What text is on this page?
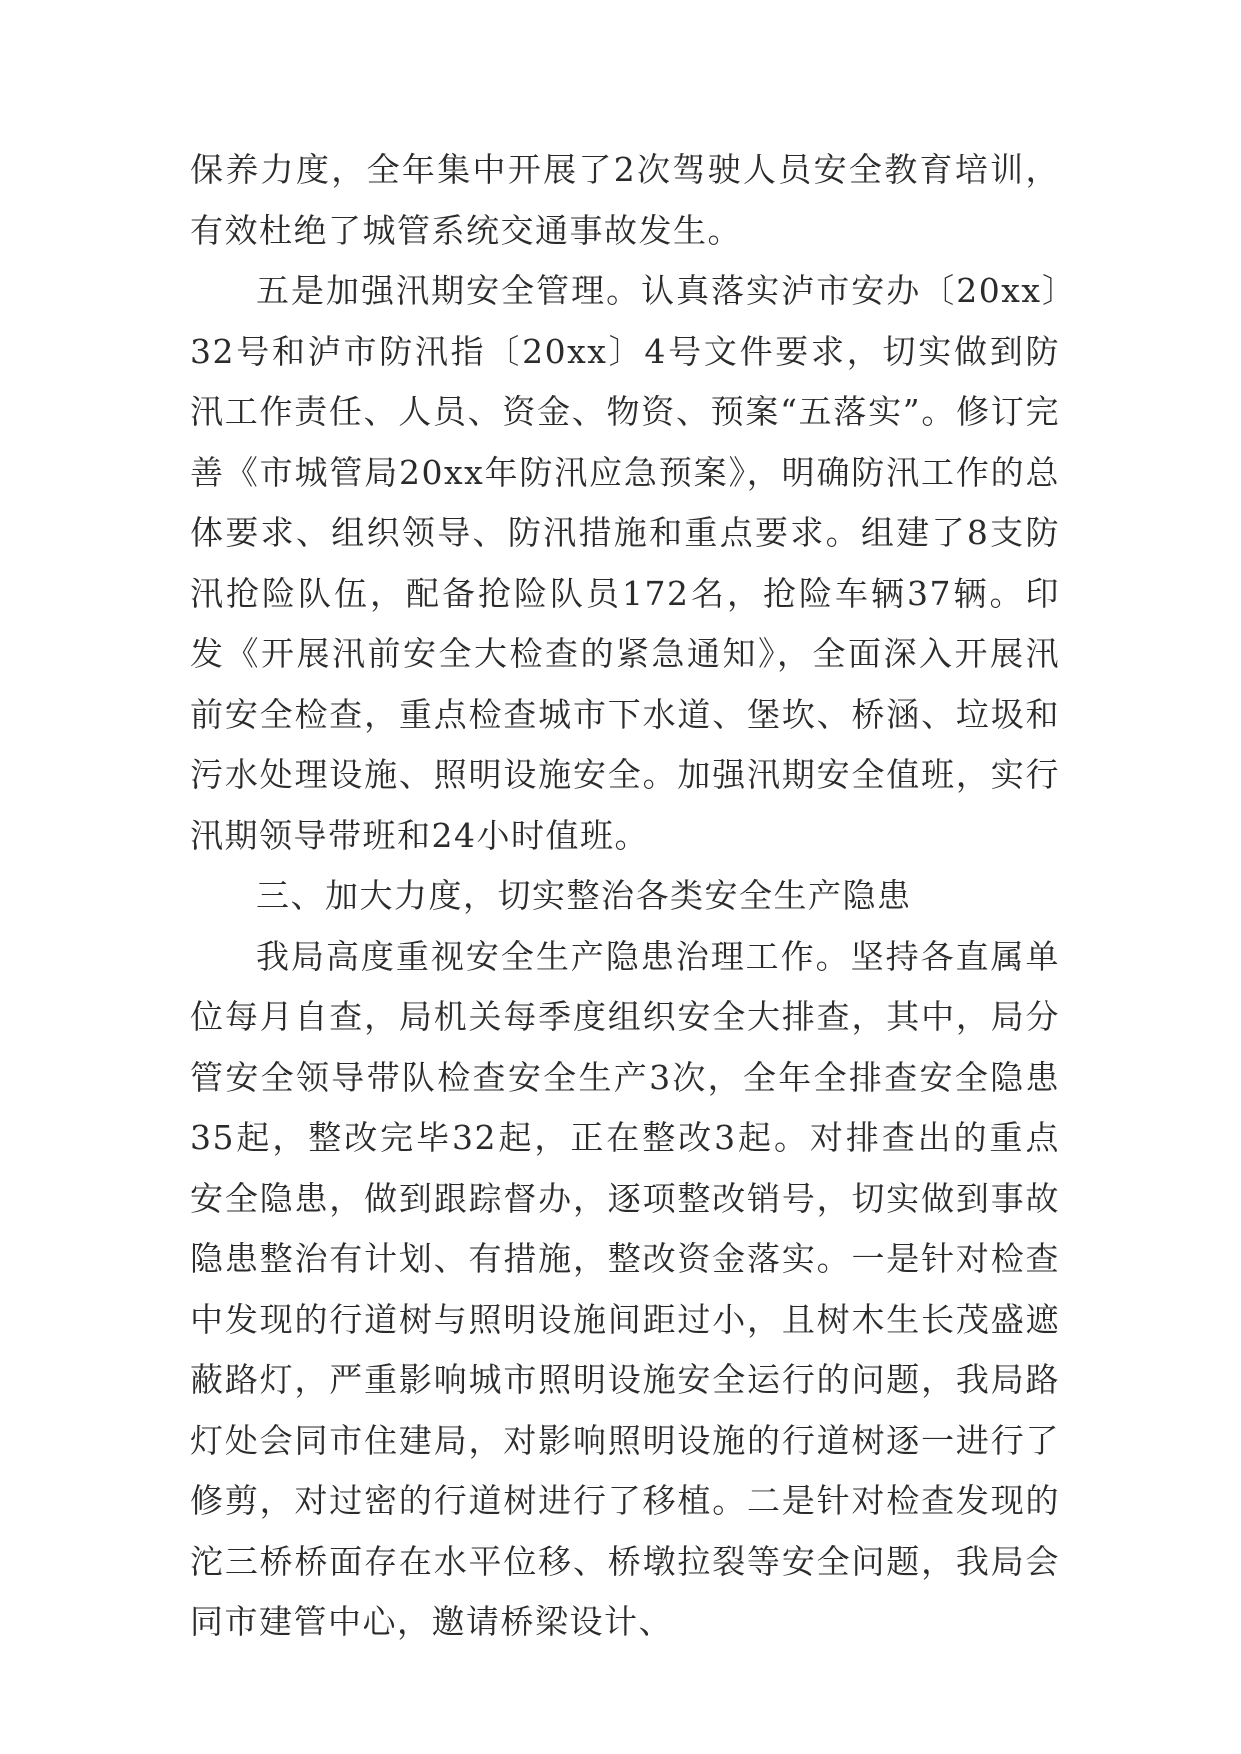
保养力度，全年集中开展了2次驾驶人员安全教育培训，有效杜绝了城管系统交通事故发生。

五是加强汛期安全管理。认真落实泸市安办〔20xx〕32号和泸市防汛指〔20xx〕4号文件要求，切实做到防汛工作责任、人员、资金、物资、预案“五落实”。修订完善《市城管局20xx年防汛应急预案》，明确防汛工作的总体要求、组织领导、防汛措施和重点要求。组建了8支防汛抢险队伍，配备抢险队员172名，抢险车辆37辆。印发《开展汛前安全大检查的紧急通知》，全面深入开展汛前安全检查，重点检查城市下水道、堡坎、桥涵、垃圾和污水处理设施、照明设施安全。加强汛期安全值班，实行汛期领导带班和24小时值班。

三、加大力度，切实整治各类安全生产隐患

我局高度重视安全生产隐患治理工作。坚持各直属单位每月自查，局机关每季度组织安全大排查，其中，局分管安全领导带队检查安全生产3次，全年全排查安全隐患35起，整改完毕32起，正在整改3起。对排查出的重点安全隐患，做到跟踪督办，逐项整改销号，切实做到事故隐患整治有计划、有措施，整改资金落实。一是针对检查中发现的行道树与照明设施间距过小，且树木生长茂盛遮蔽路灯，严重影响城市照明设施安全运行的问题，我局路灯处会同市住建局，对影响照明设施的行道树逐一进行了修剪，对过密的行道树进行了移植。二是针对检查发现的沱三桥桥面存在水平位移、桥墩拉裂等安全问题，我局会同市建管中心，邀请桥梁设计、
